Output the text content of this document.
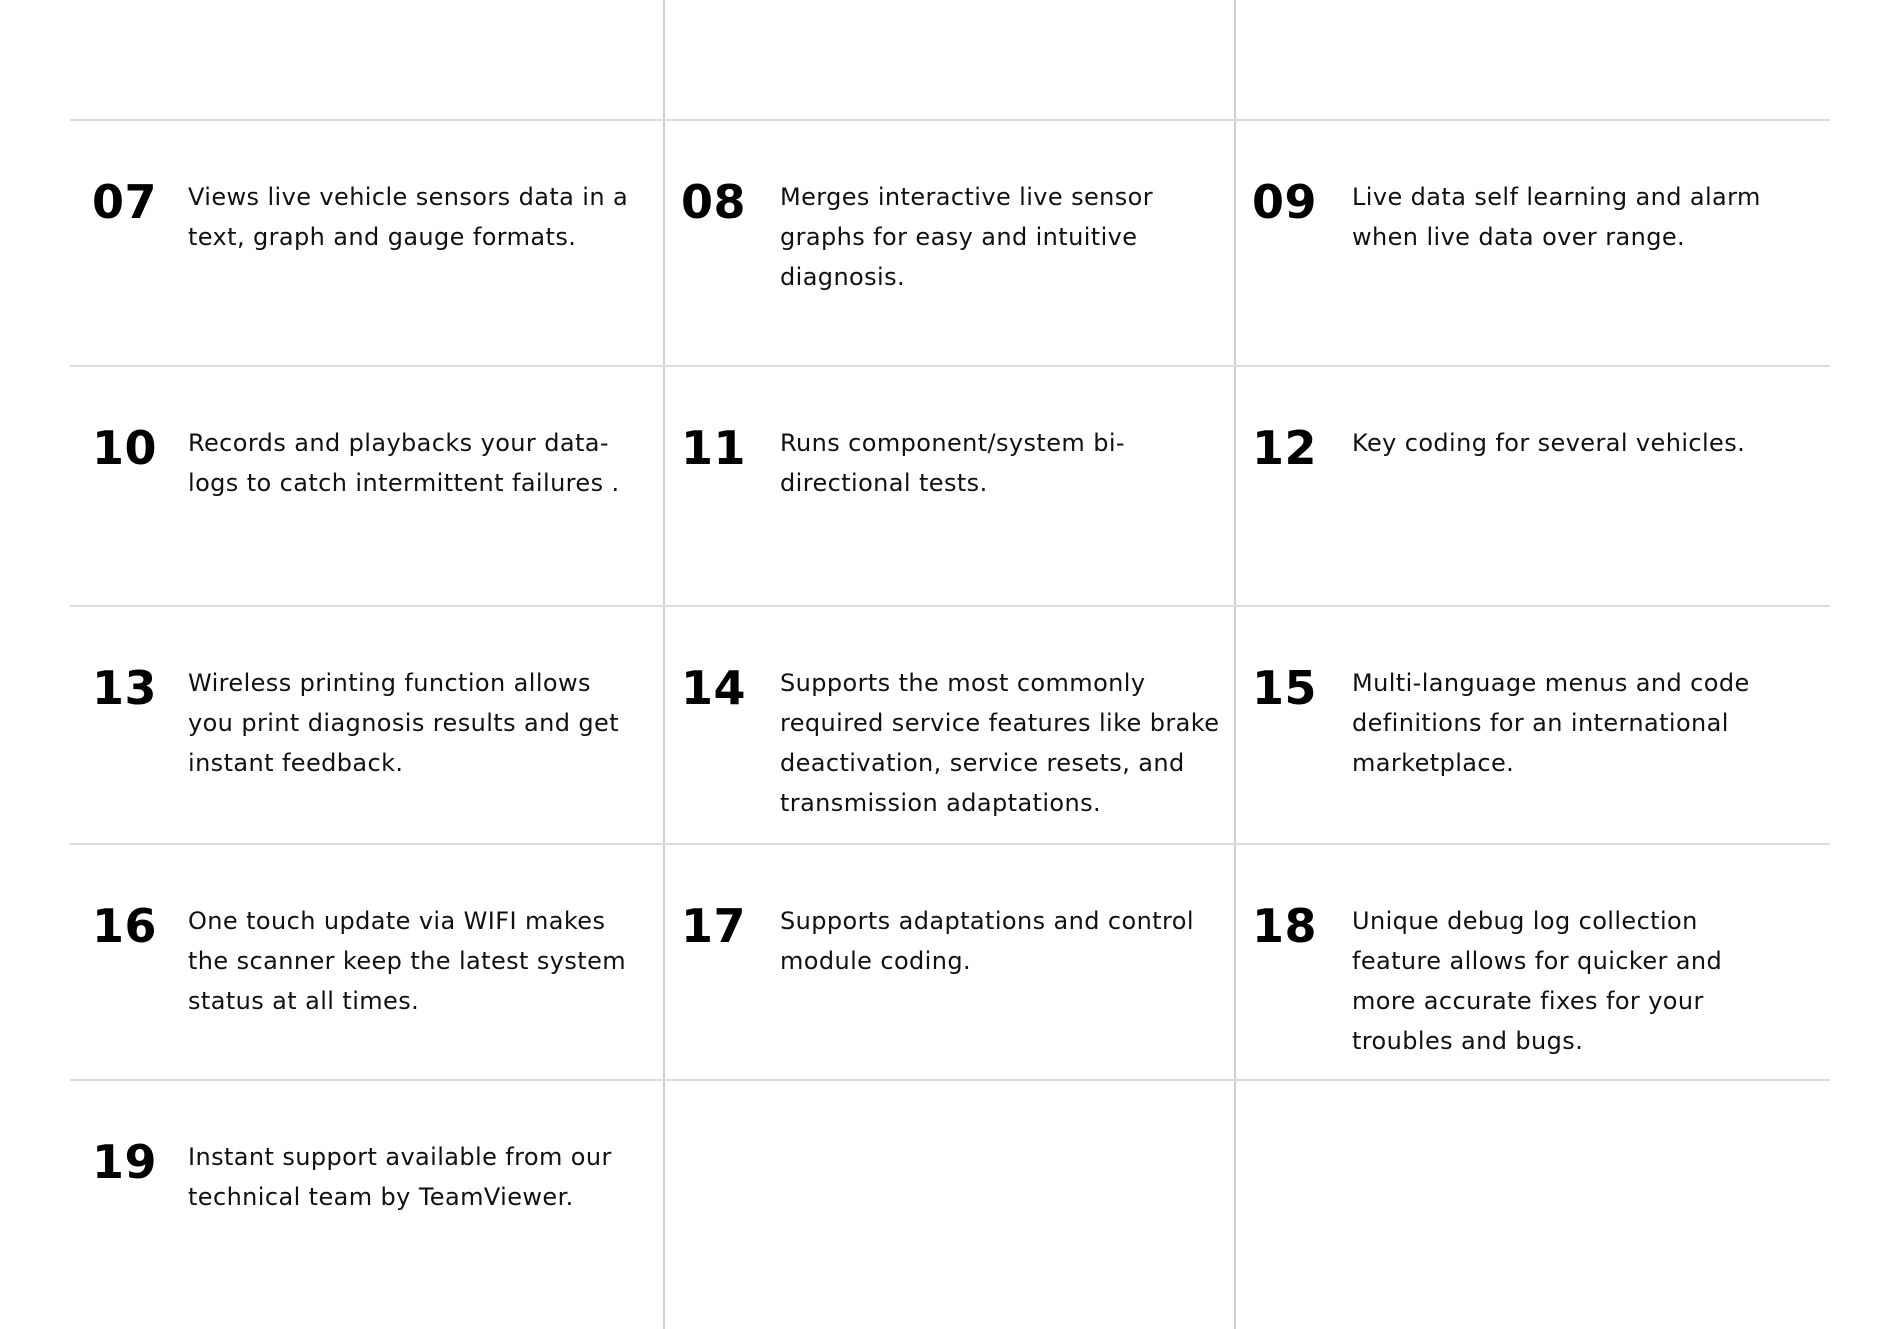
07 Views live vehicle sensors data in a text, graph and gauge formats.
08 Merges interactive live sensor graphs for easy and intuitive diagnosis.
09 Live data self learning and alarm when live data over range.
10 Records and playbacks your data-logs to catch intermittent failures .
11 Runs component/system bi-directional tests.
12 Key coding for several vehicles.
13 Wireless printing function allows you print diagnosis results and get instant feedback.
14 Supports the most commonly required service features like brake deactivation, service resets, and transmission adaptations.
15 Multi-language menus and code definitions for an international marketplace.
16 One touch update via WIFI makes the scanner keep the latest system status at all times.
17 Supports adaptations and control module coding.
18 Unique debug log collection feature allows for quicker and more accurate fixes for your troubles and bugs.
19 Instant support available from our technical team by TeamViewer.
